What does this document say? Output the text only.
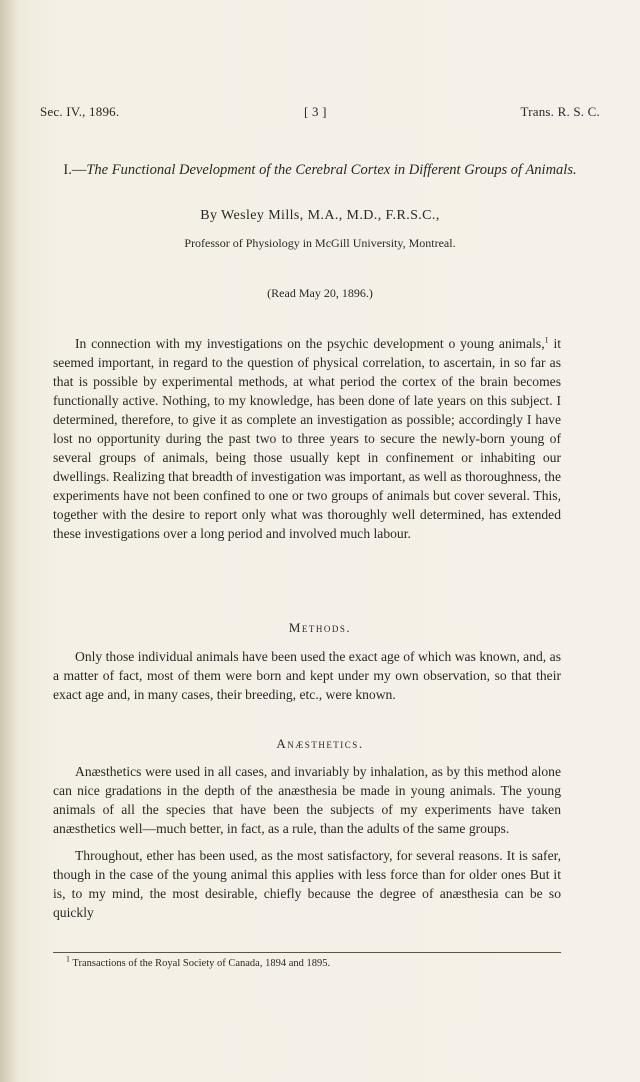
Sec. IV., 1896.	[ 3 ]	Trans. R. S. C.
I.—The Functional Development of the Cerebral Cortex in Different Groups of Animals.
By Wesley Mills, M.A., M.D., F.R.S.C.,
Professor of Physiology in McGill University, Montreal.
(Read May 20, 1896.)

In connection with my investigations on the psychic development o young animals,$^1$ it seemed important, in regard to the question of physical correlation, to ascertain, in so far as that is possible by experimental methods, at what period the cortex of the brain becomes functionally active. Nothing, to my knowledge, has been done of late years on this subject. I determined, therefore, to give it as complete an investigation as possible; accordingly I have lost no opportunity during the past two to three years to secure the newly-born young of several groups of animals, being those usually kept in confinement or inhabiting our dwellings. Realizing that breadth of investigation was important, as well as thoroughness, the experiments have not been confined to one or two groups of animals but cover several. This, together with the desire to report only what was thoroughly well determined, has extended these investigations over a long period and involved much labour.

Methods.

Only those individual animals have been used the exact age of which was known, and, as a matter of fact, most of them were born and kept under my own observation, so that their exact age and, in many cases, their breeding, etc., were known.

Anæsthetics.

Anæsthetics were used in all cases, and invariably by inhalation, as by this method alone can nice gradations in the depth of the anæsthesia be made in young animals. The young animals of all the species that have been the subjects of my experiments have taken anæsthetics well—much better, in fact, as a rule, than the adults of the same groups.

Throughout, ether has been used, as the most satisfactory, for several reasons. It is safer, though in the case of the young animal this applies with less force than for older ones But it is, to my mind, the most desirable, chiefly because the degree of anæsthesia can be so quickly

$^1$ Transactions of the Royal Society of Canada, 1894 and 1895.
